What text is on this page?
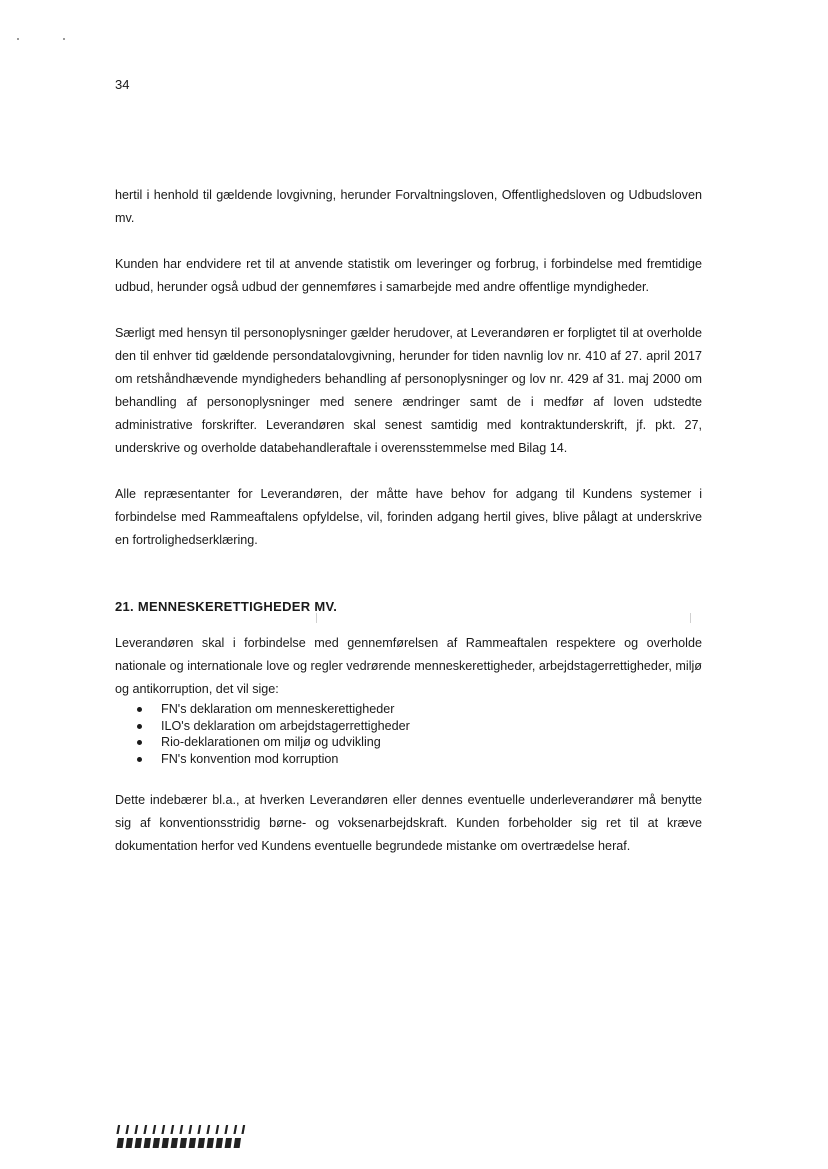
34

hertil i henhold til gældende lovgivning, herunder Forvaltningsloven, Offentlighedsloven og Udbudsloven mv.

Kunden har endvidere ret til at anvende statistik om leveringer og forbrug, i forbindelse med fremtidige udbud, herunder også udbud der gennemføres i samarbejde med andre offentlige myndigheder.

Særligt med hensyn til personoplysninger gælder herudover, at Leverandøren er forpligtet til at overholde den til enhver tid gældende persondatalovgivning, herunder for tiden navnlig lov nr. 410 af 27. april 2017 om retshåndhævende myndigheders behandling af personoplysninger og lov nr. 429 af 31. maj 2000 om behandling af personoplysninger med senere ændringer samt de i medfør af loven udstedte administrative forskrifter. Leverandøren skal senest samtidig med kontraktunderskrift, jf. pkt. 27, underskrive og overholde databehandleraftale i overensstemmelse med Bilag 14.

Alle repræsentanter for Leverandøren, der måtte have behov for adgang til Kundens systemer i forbindelse med Rammeaftalens opfyldelse, vil, forinden adgang hertil gives, blive pålagt at underskrive en fortrolighedserklæring.

21. MENNESKERETTIGHEDER MV.

Leverandøren skal i forbindelse med gennemførelsen af Rammeaftalen respektere og overholde nationale og internationale love og regler vedrørende menneskerettigheder, arbejdstagerrettigheder, miljø og antikorruption, det vil sige:

FN's deklaration om menneskerettigheder
ILO's deklaration om arbejdstagerrettigheder
Rio-deklarationen om miljø og udvikling
FN's konvention mod korruption

Dette indebærer bl.a., at hverken Leverandøren eller dennes eventuelle underleverandører må benytte sig af konventionsstridig børne- og voksenarbejdskraft. Kunden forbeholder sig ret til at kræve dokumentation herfor ved Kundens eventuelle begrundede mistanke om overtrædelse heraf.
